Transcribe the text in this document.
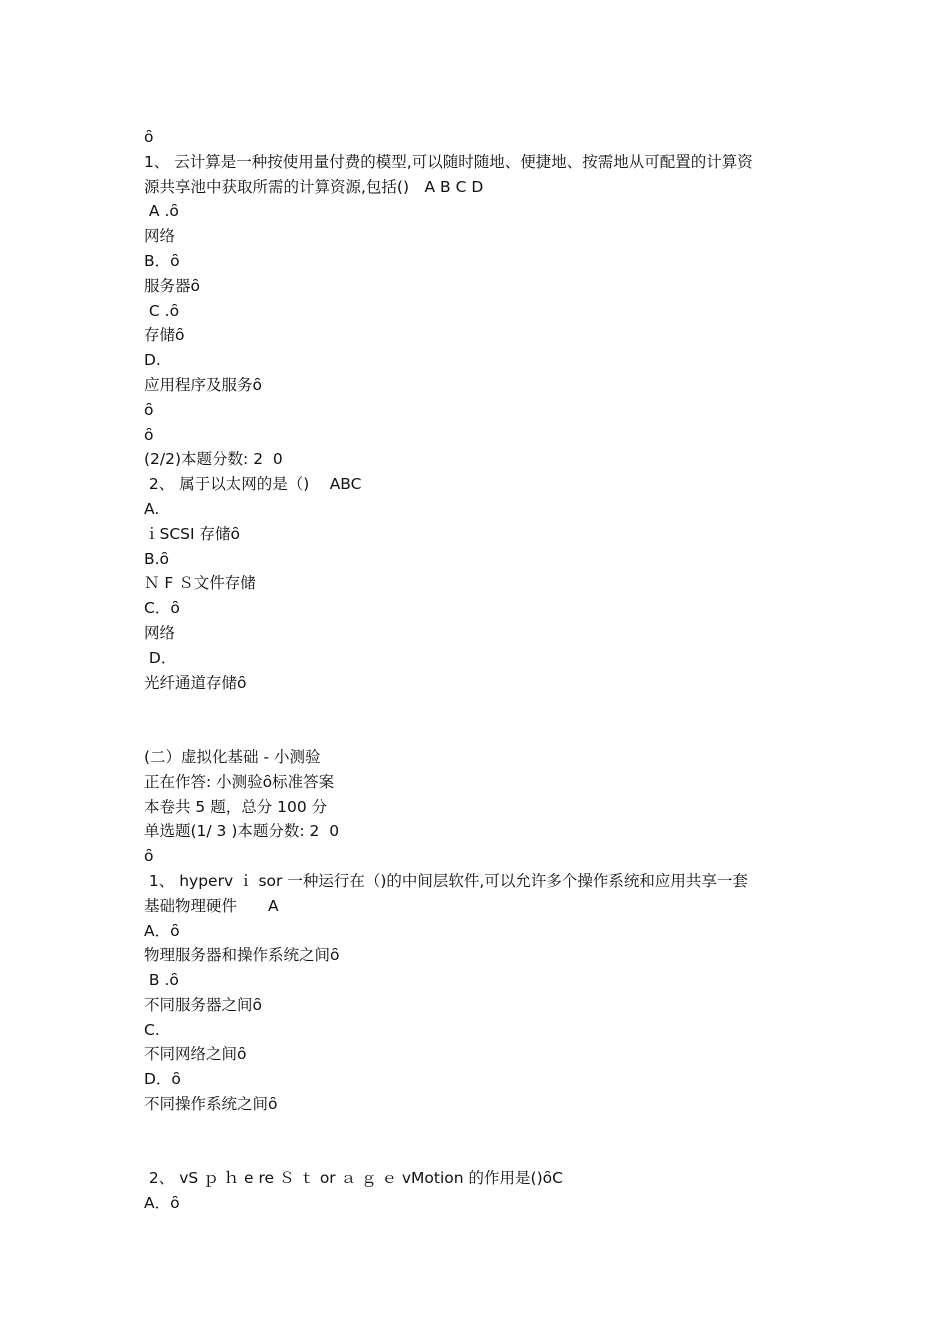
ȏ
1、 云计算是一种按使用量付费的模型,可以随时随地、便捷地、按需地从可配置的计算资
源共享池中获取所需的计算资源,包括()　A B C D
A .ȏ
网络
B．ȏ
服务器ȏ
C .ȏ
存储ȏ
D.
应用程序及服务ȏ
ȏ
ȏ
(2/2)本题分数: 2  0
2、 属于以太网的是（)　 ABC
A.
ｉSCSI 存储ȏ
B.ȏ
Ｎ F Ｓ文件存储
C．ȏ
网络
D．
光纤通道存储ȏ
(二）虚拟化基础 - 小测验
正在作答: 小测验ȏ标准答案
本卷共 5 题，总分 100 分
单选题(1/ 3 )本题分数: 2  0
ȏ
1、 hyperv ｉ sor 一种运行在（)的中间层软件,可以允许多个操作系统和应用共享一套
基础物理硬件　　A
A．ȏ
物理服务器和操作系统之间ȏ
B .ȏ
不同服务器之间ȏ
C.
不同网络之间ȏ
D．ȏ
不同操作系统之间ȏ
2、 vS ｐ ｈ e re Ｓ ｔ or ａ ｇ ｅ vMotion 的作用是()ȏC
A．ȏ
